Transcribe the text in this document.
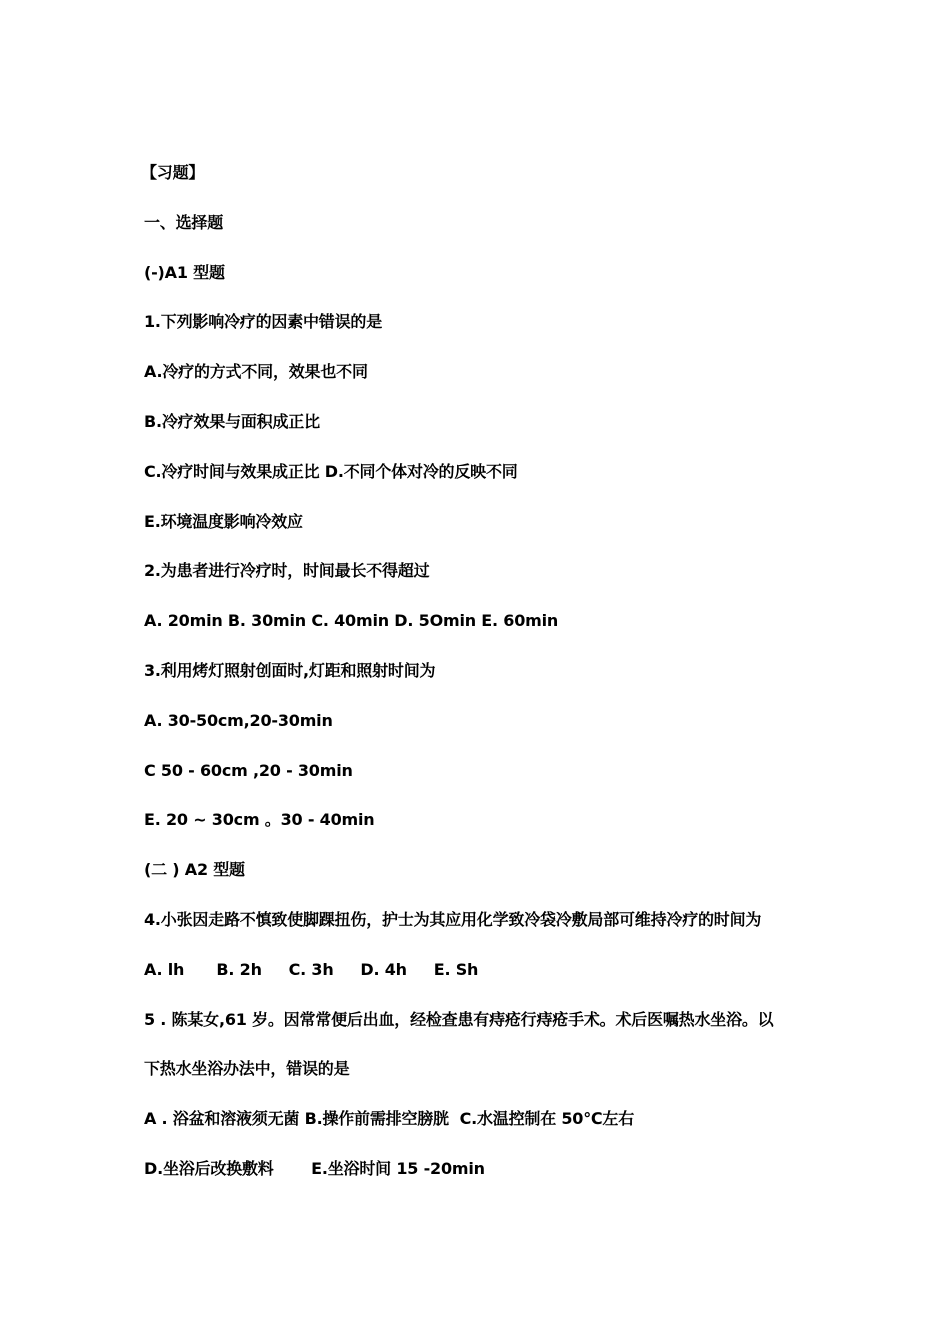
【习题】
一、选择题
(-)A1 型题
1.下列影响冷疗的因素中错误的是
A.冷疗的方式不同，效果也不同
B.冷疗效果与面积成正比
C.冷疗时间与效果成正比 D.不同个体对冷的反映不同
E.环境温度影响冷效应
2.为患者进行冷疗时，时间最长不得超过
A. 20min B. 30min C. 40min D. 5Omin E. 60min
3.利用烤灯照射创面时,灯距和照射时间为
A. 30-50cm,20-30min
C 50 - 60cm ,20 - 30min
E. 20 ~ 30cm 。30 - 40min
(二 ) A2 型题
4.小张因走路不慎致使脚踝扭伤，护士为其应用化学致冷袋冷敷局部可维持冷疗的时间为
A. lh      B. 2h     C. 3h     D. 4h     E. Sh
5 . 陈某女,61 岁。因常常便后出血，经检查患有痔疮行痔疮手术。术后医嘱热水坐浴。以
下热水坐浴办法中，错误的是
A . 浴盆和溶液须无菌 B.操作前需排空膀胱  C.水温控制在 50℃左右
D.坐浴后改换敷料       E.坐浴时间 15 -20min
